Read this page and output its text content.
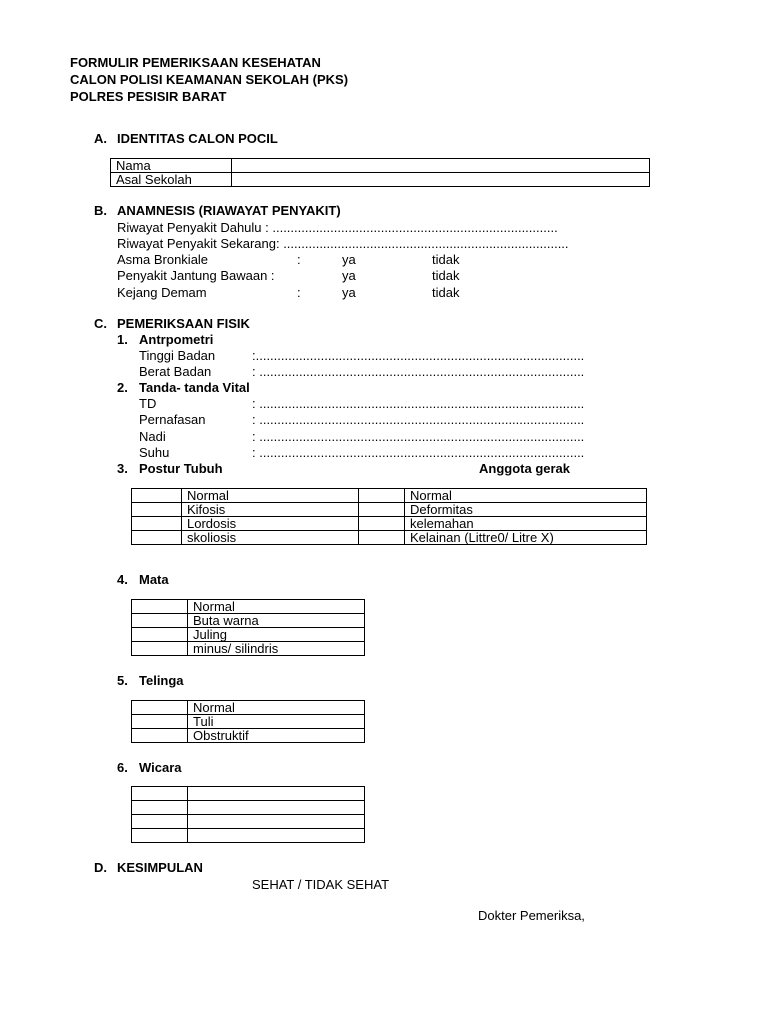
FORMULIR PEMERIKSAAN KESEHATAN
CALON POLISI KEAMANAN SEKOLAH (PKS)
POLRES PESISIR BARAT
A. IDENTITAS CALON POCIL
Nama	
Asal Sekolah	
B. ANAMNESIS (RIAWAYAT PENYAKIT)
Riwayat Penyakit Dahulu : ...............................................................................
Riwayat Penyakit Sekarang: ...............................................................................
Asma Bronkiale	:	ya	tidak
Penyakit Jantung Bawaan :	ya	tidak
Kejang Demam	:	ya	tidak
C. PEMERIKSAAN FISIK
1. Antrpometri
Tinggi Badan	:...........................................................................................
Berat Badan	: ..........................................................................................
2. Tanda- tanda Vital
TD	: ..........................................................................................
Pernafasan	: ..........................................................................................
Nadi	: ..........................................................................................
Suhu	: ..........................................................................................
3. Postur Tubuh	Anggota gerak
	Normal		Normal
	Kifosis		Deformitas
	Lordosis		kelemahan
	skoliosis		Kelainan (Littre0/ Litre X)
4. Mata
	Normal
	Buta warna
	Juling
	minus/ silindris
5. Telinga
	Normal
	Tuli
	Obstruktif
6. Wicara

D. KESIMPULAN
SEHAT / TIDAK SEHAT
Dokter Pemeriksa,
